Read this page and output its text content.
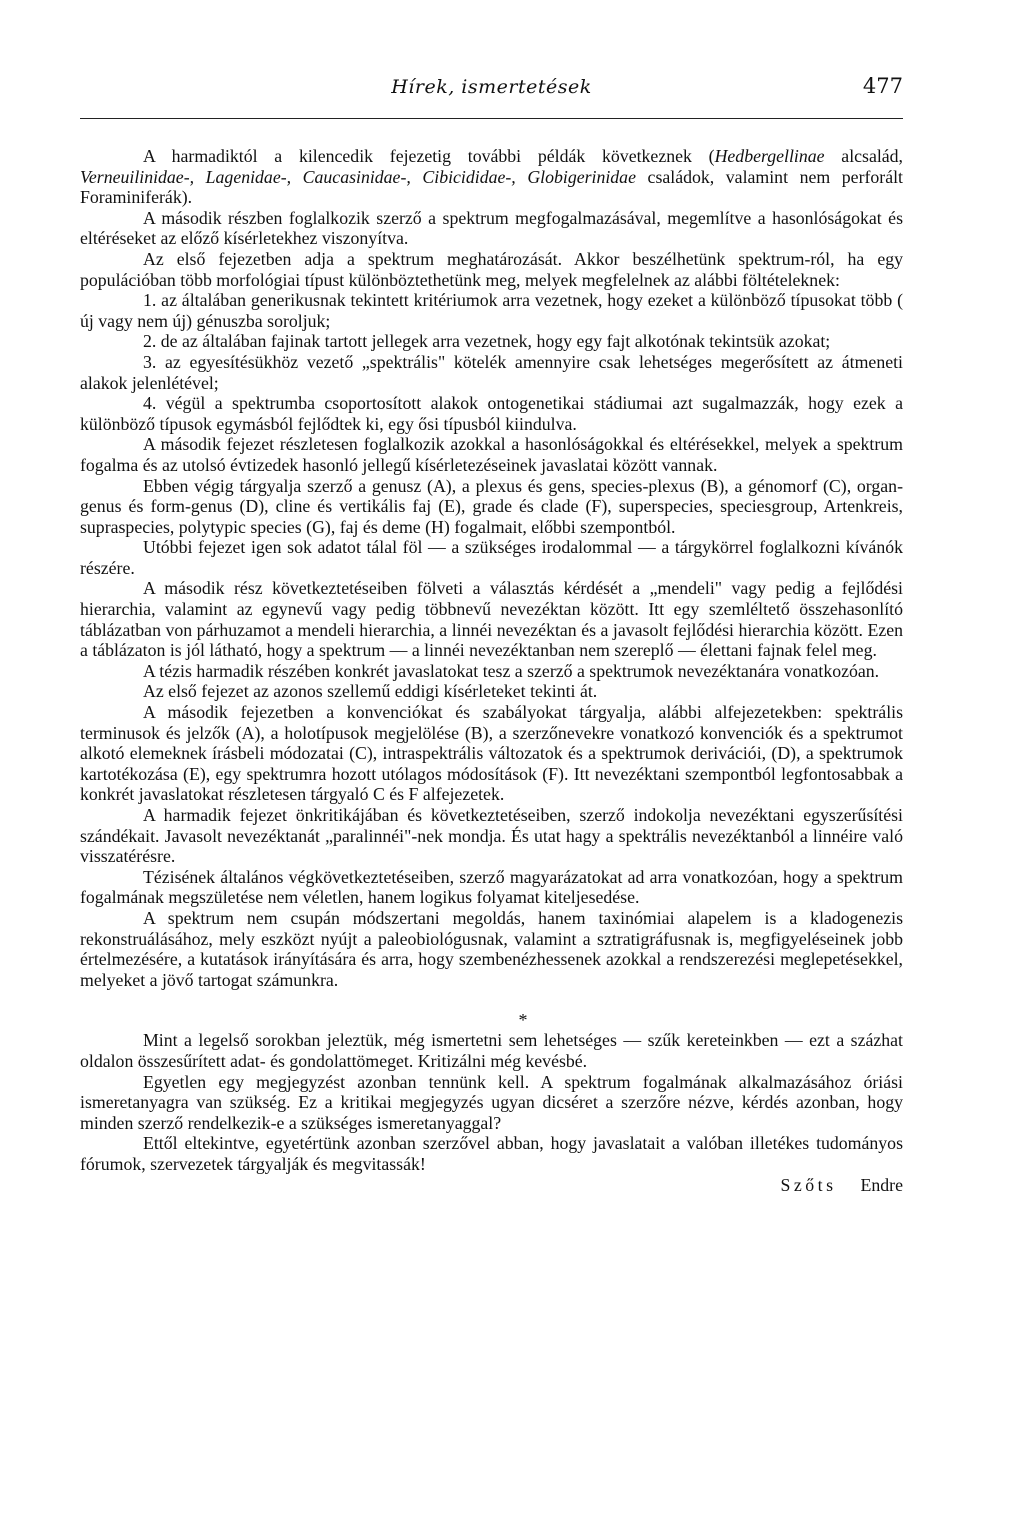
Hírek, ismertetések	477

A harmadiktól a kilencedik fejezetig további példák következnek (Hedbergellinae alcsalád, Verneuilinidae-, Lagenidae-, Caucasinidae-, Cibicididae-, Globigerinidae családok, valamint nem perforált Foraminiferák).

A második részben foglalkozik szerző a spektrum megfogalmazásával, megemlítve a hasonlóságokat és eltéréseket az előző kísérletekhez viszonyítva.

Az első fejezetben adja a spektrum meghatározását. Akkor beszélhetünk spektrum-ról, ha egy populációban több morfológiai típust különböztethetünk meg, melyek megfelelnek az alábbi föltételeknek:

1. az általában generikusnak tekintett kritériumok arra vezetnek, hogy ezeket a különböző típusokat több ( új vagy nem új) génuszba soroljuk;

2. de az általában fajinak tartott jellegek arra vezetnek, hogy egy fajt alkotónak tekintsük azokat;

3. az egyesítésükhöz vezető „spektrális" kötelék amennyire csak lehetséges megerősített az átmeneti alakok jelenlétével;

4. végül a spektrumba csoportosított alakok ontogenetikai stádiumai azt sugalmazzák, hogy ezek a különböző típusok egymásból fejlődtek ki, egy ősi típusból kiindulva.

A második fejezet részletesen foglalkozik azokkal a hasonlóságokkal és eltérésekkel, melyek a spektrum fogalma és az utolsó évtizedek hasonló jellegű kísérletezéseinek javaslatai között vannak.

Ebben végig tárgyalja szerző a genusz (A), a plexus és gens, species-plexus (B), a génomorf (C), organ-genus és form-genus (D), cline és vertikális faj (E), grade és clade (F), superspecies, speciesgroup, Artenkreis, supraspecies, polytypic species (G), faj és deme (H) fogalmait, előbbi szempontból.

Utóbbi fejezet igen sok adatot tálal föl — a szükséges irodalommal — a tárgykörrel foglalkozni kívánók részére.

A második rész következtetéseiben fölveti a választás kérdését a „mendeli" vagy pedig a fejlődési hierarchia, valamint az egynevű vagy pedig többnevű nevezéktan között. Itt egy szemléltető összehasonlító táblázatban von párhuzamot a mendeli hierarchia, a linnéi nevezéktan és a javasolt fejlődési hierarchia között. Ezen a táblázaton is jól látható, hogy a spektrum — a linnéi nevezéktanban nem szereplő — élettani fajnak felel meg.

A tézis harmadik részében konkrét javaslatokat tesz a szerző a spektrumok nevezéktanára vonatkozóan.

Az első fejezet az azonos szellemű eddigi kísérleteket tekinti át.

A második fejezetben a konvenciókat és szabályokat tárgyalja, alábbi alfejezetekben: spektrális terminusok és jelzők (A), a holotípusok megjelölése (B), a szerzőnevekre vonatkozó konvenciók és a spektrumot alkotó elemeknek írásbeli módozatai (C), intraspektrális változatok és a spektrumok derivációi, (D), a spektrumok kartotékozása (E), egy spektrumra hozott utólagos módosítások (F). Itt nevezéktani szempontból legfontosabbak a konkrét javaslatokat részletesen tárgyaló C és F alfejezetek.

A harmadik fejezet önkritikájában és következtetéseiben, szerző indokolja nevezéktani egyszerűsítési szándékait. Javasolt nevezéktanát „paralinnéi"-nek mondja. És utat hagy a spektrális nevezéktanból a linnéire való visszatérésre.

Tézisének általános végkövetkeztetéseiben, szerző magyarázatokat ad arra vonatkozóan, hogy a spektrum fogalmának megszületése nem véletlen, hanem logikus folyamat kiteljesedése.

A spektrum nem csupán módszertani megoldás, hanem taxinómiai alapelem is a kladogenezis rekonstruálásához, mely eszközt nyújt a paleobiológusnak, valamint a sztratigráfusnak is, megfigyeléseinek jobb értelmezésére, a kutatások irányítására és arra, hogy szembenézhessenek azokkal a rendszerezési meglepetésekkel, melyeket a jövő tartogat számunkra.

*

Mint a legelső sorokban jeleztük, még ismertetni sem lehetséges — szűk kereteinkben — ezt a százhat oldalon összesűrített adat- és gondolattömeget. Kritizálni még kevésbé.

Egyetlen egy megjegyzést azonban tennünk kell. A spektrum fogalmának alkalmazásához óriási ismeretanyagra van szükség. Ez a kritikai megjegyzés ugyan dicséret a szerzőre nézve, kérdés azonban, hogy minden szerző rendelkezik-e a szükséges ismeretanyaggal?

Ettől eltekintve, egyetértünk azonban szerzővel abban, hogy javaslatait a valóban illetékes tudományos fórumok, szervezetek tárgyalják és megvitassák!

Szőts Endre
